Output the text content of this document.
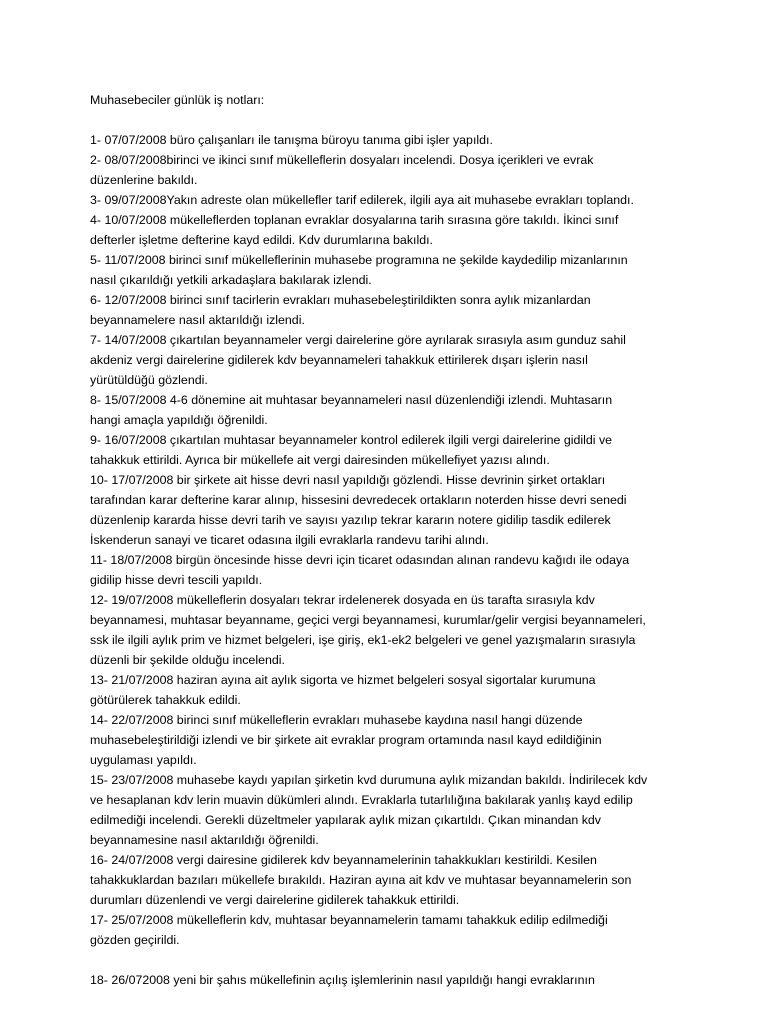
Muhasebeciler günlük iş notları:
1- 07/07/2008 büro çalışanları ile tanışma büroyu tanıma gibi işler yapıldı.
2- 08/07/2008birinci ve ikinci sınıf mükelleflerin dosyaları incelendi. Dosya içerikleri ve evrak
düzenlerine bakıldı.
3- 09/07/2008Yakın adreste olan mükellefler tarif edilerek, ilgili aya ait muhasebe evrakları toplandı.
4- 10/07/2008 mükelleflerden toplanan evraklar dosyalarına tarih sırasına göre takıldı. İkinci sınıf
defterler işletme defterine kayd edildi. Kdv durumlarına bakıldı.
5- 11/07/2008 birinci sınıf mükelleflerinin muhasebe programına ne şekilde kaydedilip mizanlarının
nasıl çıkarıldığı yetkili arkadaşlara bakılarak izlendi.
6- 12/07/2008 birinci sınıf tacirlerin evrakları muhasebeleştirildikten sonra aylık mizanlardan
beyannamelere nasıl aktarıldığı izlendi.
7- 14/07/2008 çıkartılan beyannameler vergi dairelerine göre ayrılarak sırasıyla asım gunduz sahil
akdeniz vergi dairelerine gidilerek kdv beyannameleri tahakkuk ettirilerek dışarı işlerin nasıl
yürütüldüğü gözlendi.
8- 15/07/2008 4-6 dönemine ait muhtasar beyannameleri nasıl düzenlendiği izlendi. Muhtasarın
hangi amaçla yapıldığı öğrenildi.
9- 16/07/2008 çıkartılan muhtasar beyannameler kontrol edilerek ilgili vergi dairelerine gidildi ve
tahakkuk ettirildi. Ayrıca bir mükellefe ait vergi dairesinden mükellefiyet yazısı alındı.
10- 17/07/2008 bir şirkete ait hisse devri nasıl yapıldığı gözlendi. Hisse devrinin şirket ortakları
tarafından karar defterine karar alınıp, hissesini devredecek ortakların noterden hisse devri senedi
düzenlenip kararda hisse devri tarih ve sayısı yazılıp tekrar kararın notere gidilip tasdik edilerek
İskenderun sanayi ve ticaret odasına ilgili evraklarla randevu tarihi alındı.
11- 18/07/2008 birgün öncesinde hisse devri için ticaret odasından alınan randevu kağıdı ile odaya
gidilip hisse devri tescili yapıldı.
12- 19/07/2008 mükelleflerin dosyaları tekrar irdelenerek dosyada en üs tarafta sırasıyla kdv
beyannamesi, muhtasar beyanname, geçici vergi beyannamesi, kurumlar/gelir vergisi beyannameleri,
ssk ile ilgili aylık prim ve hizmet belgeleri, işe giriş, ek1-ek2 belgeleri ve genel yazışmaların sırasıyla
düzenli bir şekilde olduğu incelendi.
13- 21/07/2008 haziran ayına ait aylık sigorta ve hizmet belgeleri sosyal sigortalar kurumuna
götürülerek tahakkuk edildi.
14- 22/07/2008 birinci sınıf mükelleflerin evrakları muhasebe kaydına nasıl hangi düzende
muhasebeleştirildiği izlendi ve bir şirkete ait evraklar program ortamında nasıl kayd edildiğinin
uygulaması yapıldı.
15- 23/07/2008 muhasebe kaydı yapılan şirketin kvd durumuna aylık mizandan bakıldı. İndirilecek kdv
ve hesaplanan kdv lerin muavin dükümleri alındı. Evraklarla tutarlılığına bakılarak yanlış kayd edilip
edilmediği incelendi. Gerekli düzeltmeler yapılarak aylık mizan çıkartıldı. Çıkan minandan kdv
beyannamesine nasıl aktarıldığı öğrenildi.
16- 24/07/2008 vergi dairesine gidilerek kdv beyannamelerinin tahakkukları kestirildi. Kesilen
tahakkuklardan bazıları mükellefe bırakıldı. Haziran ayına ait kdv ve muhtasar beyannamelerin son
durumları düzenlendi ve vergi dairelerine gidilerek tahakkuk ettirildi.
17- 25/07/2008 mükelleflerin kdv, muhtasar beyannamelerin tamamı tahakkuk edilip edilmediği
gözden geçirildi.
18- 26/072008 yeni bir şahıs mükellefinin açılış işlemlerinin nasıl yapıldığı hangi evraklarının
